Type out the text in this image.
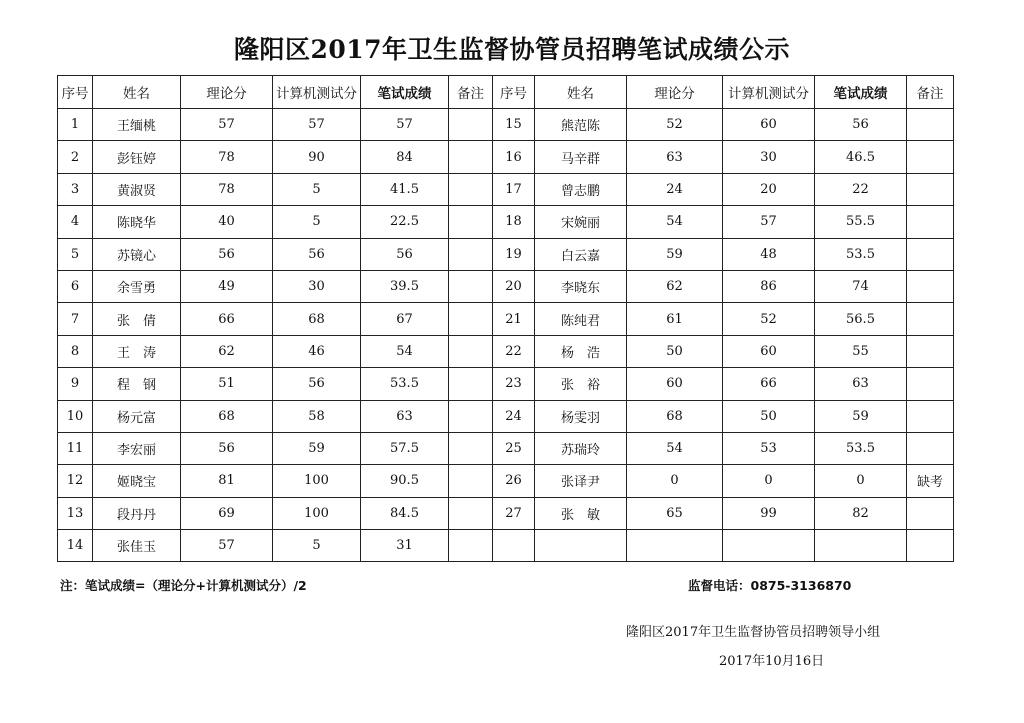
隆阳区2017年卫生监督协管员招聘笔试成绩公示
序号	姓名	理论分	计算机测试分	笔试成绩	备注	序号	姓名	理论分	计算机测试分	笔试成绩	备注
1	王缅桃	57	57	57		15	熊范陈	52	60	56	
2	彭钰婷	78	90	84		16	马辛群	63	30	46.5	
3	黄淑贤	78	5	41.5		17	曾志鹏	24	20	22	
4	陈晓华	40	5	22.5		18	宋婉丽	54	57	55.5	
5	苏镜心	56	56	56		19	白云嘉	59	48	53.5	
6	余雪勇	49	30	39.5		20	李晓东	62	86	74	
7	张　倩	66	68	67		21	陈纯君	61	52	56.5	
8	王　涛	62	46	54		22	杨　浩	50	60	55	
9	程　钢	51	56	53.5		23	张　裕	60	66	63	
10	杨元富	68	58	63		24	杨雯羽	68	50	59	
11	李宏丽	56	59	57.5		25	苏瑞玲	54	53	53.5	
12	姬晓宝	81	100	90.5		26	张译尹	0	0	0	缺考
13	段丹丹	69	100	84.5		27	张　敏	65	99	82	
14	张佳玉	57	5	31							
注：笔试成绩=（理论分+计算机测试分）/2	监督电话：0875-3136870
隆阳区2017年卫生监督协管员招聘领导小组
2017年10月16日
